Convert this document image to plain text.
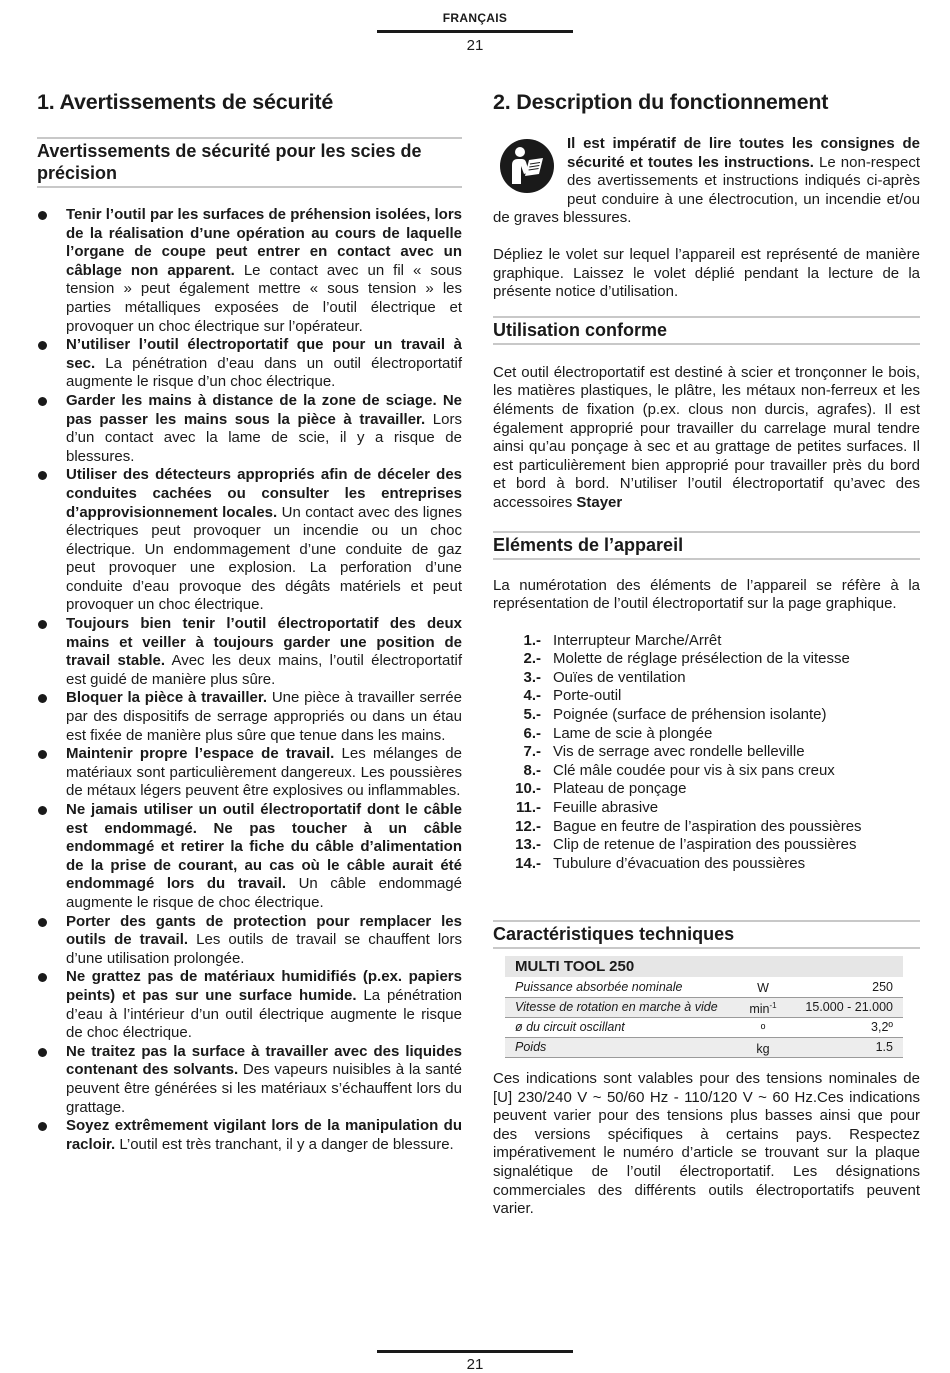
FRANÇAIS
21
1. Avertissements de sécurité
Avertissements de sécurité pour les scies de précision
Tenir l’outil par les surfaces de préhension isolées, lors de la réalisation d’une opération au cours de laquelle l’organe de coupe peut entrer en contact avec un câblage non apparent. Le contact avec un fil « sous tension » peut également mettre « sous tension » les parties métalliques exposées de l’outil électrique et provoquer un choc électrique sur l’opérateur.
N’utiliser l’outil électroportatif que pour un travail à sec. La pénétration d’eau dans un outil électroportatif augmente le risque d’un choc électrique.
Garder les mains à distance de la zone de sciage. Ne pas passer les mains sous la pièce à travailler. Lors d’un contact avec la lame de scie, il y a risque de blessures.
Utiliser des détecteurs appropriés afin de déceler des conduites cachées ou consulter les entreprises d’approvisionnement locales. Un contact avec des lignes électriques peut provoquer un incendie ou un choc électrique. Un endommagement d’une conduite de gaz peut provoquer une explosion. La perforation d’une conduite d’eau provoque des dégâts matériels et peut provoquer un choc électrique.
Toujours bien tenir l’outil électroportatif des deux mains et veiller à toujours garder une position de travail stable. Avec les deux mains, l’outil électroportatif est guidé de manière plus sûre.
Bloquer la pièce à travailler. Une pièce à travailler serrée par des dispositifs de serrage appropriés ou dans un étau est fixée de manière plus sûre que tenue dans les mains.
Maintenir propre l’espace de travail. Les mélanges de matériaux sont particulièrement dangereux. Les poussières de métaux légers peuvent être explosives ou inflammables.
Ne jamais utiliser un outil électroportatif dont le câble est endommagé. Ne pas toucher à un câble endommagé et retirer la fiche du câble d’alimentation de la prise de courant, au cas où le câble aurait été endommagé lors du travail. Un câble endommagé augmente le risque de choc électrique.
Porter des gants de protection pour remplacer les outils de travail. Les outils de travail se chauffent lors d’une utilisation prolongée.
Ne grattez pas de matériaux humidifiés (p.ex. papiers peints) et pas sur une surface humide. La pénétration d’eau à l’intérieur d’un outil électrique augmente le risque de choc électrique.
Ne traitez pas la surface à travailler avec des liquides contenant des solvants. Des vapeurs nuisibles à la santé peuvent être générées si les matériaux s’échauffent lors du grattage.
Soyez extrêmement vigilant lors de la manipulation du racloir. L’outil est très tranchant, il y a danger de blessure.
2. Description du fonctionnement

Il est impératif de lire toutes les consignes de sécurité et toutes les instructions. Le non-respect des avertissements et instructions indiqués ci-après peut conduire à une électrocution, un incendie et/ou de graves blessures.

Dépliez le volet sur lequel l’appareil est représenté de manière graphique. Laissez le volet déplié pendant la lecture de la présente notice d’utilisation.

Utilisation conforme

Cet outil électroportatif est destiné à scier et tronçonner le bois, les matières plastiques, le plâtre, les métaux non-ferreux et les éléments de fixation (p.ex. clous non durcis, agrafes). Il est également approprié pour travailler du carrelage mural tendre ainsi qu’au ponçage à sec et au grattage de petites surfaces. Il est particulièrement bien approprié pour travailler près du bord et bord à bord. N’utiliser l’outil électroportatif qu’avec des accessoires Stayer

Eléments de l’appareil

La numérotation des éléments de l’appareil se réfère à la représentation de l’outil électroportatif sur la page graphique.

1.- Interrupteur Marche/Arrêt
2.- Molette de réglage présélection de la vitesse
3.- Ouïes de ventilation
4.- Porte-outil
5.- Poignée (surface de préhension isolante)
6.- Lame de scie à plongée
7.- Vis de serrage avec rondelle belleville
8.- Clé mâle coudée pour vis à six pans creux
10.- Plateau de ponçage
11.- Feuille abrasive
12.- Bague en feutre de l’aspiration des poussières
13.- Clip de retenue de l’aspiration des poussières
14.- Tubulure d’évacuation des poussières
Caractéristiques techniques
MULTI TOOL 250		
Puissance absorbée nominale	W	250
Vitesse de rotation en marche à vide	$\min^{-1}$	15.000 - 21.000
ø du circuit oscillant	º	3,2º
Poids	kg	1.5

Ces indications sont valables pour des tensions nominales de [U] 230/240 V ~ 50/60 Hz - 110/120 V ~ 60 Hz.Ces indications peuvent varier pour des tensions plus basses ainsi que pour des versions spécifiques à certains pays. Respectez impérativement le numéro d’article se trouvant sur la plaque signalétique de l’outil électroportatif. Les désignations commerciales des différents outils électroportatifs peuvent varier.

21
